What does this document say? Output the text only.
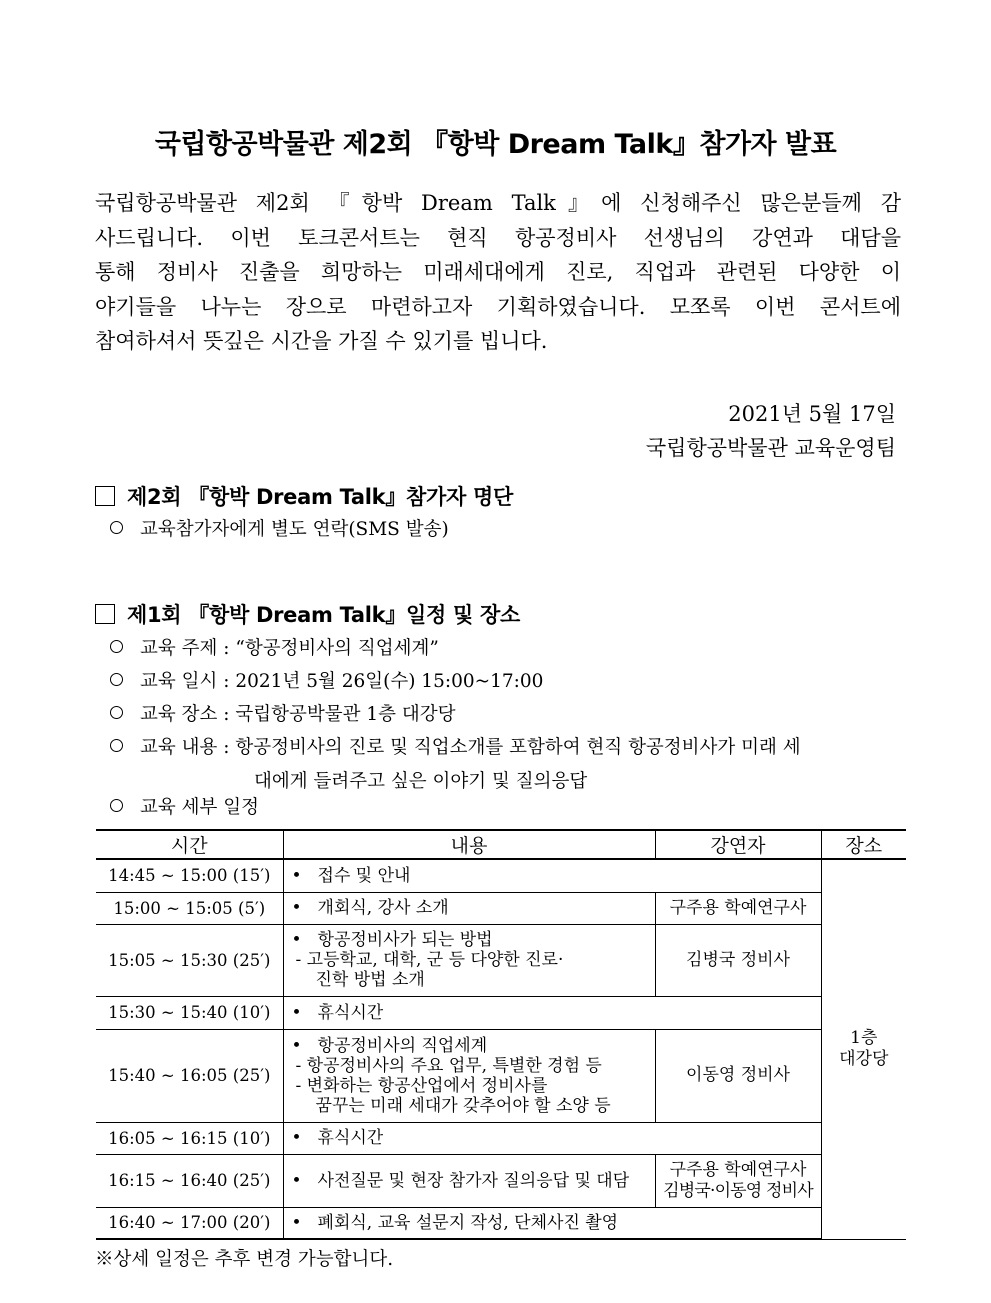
국립항공박물관 제2회 『항박 Dream Talk』참가자 발표
국립항공박물관 제2회 『항박 Dream Talk』에 신청해주신 많은분들께 감
사드립니다. 이번 토크콘서트는 현직 항공정비사 선생님의 강연과 대담을
통해 정비사 진출을 희망하는 미래세대에게 진로, 직업과 관련된 다양한 이
야기들을 나누는 장으로 마련하고자 기획하였습니다. 모쪼록 이번 콘서트에
참여하셔서 뜻깊은 시간을 가질 수 있기를 빕니다.
2021년 5월 17일
국립항공박물관 교육운영팀
제2회 『항박 Dream Talk』참가자 명단
교육참가자에게 별도 연락(SMS 발송)
제1회 『항박 Dream Talk』일정 및 장소
교육 주제 : “항공정비사의 직업세계”
교육 일시 : 2021년 5월 26일(수) 15:00~17:00
교육 장소 : 국립항공박물관 1층 대강당
교육 내용 : 항공정비사의 진로 및 직업소개를 포함하여 현직 항공정비사가 미래 세
대에게 들려주고 싶은 이야기 및 질의응답
교육 세부 일정
시간	내용	강연자	장소
14:45 ~ 15:00 (15′)	• 접수 및 안내		1층
대강당

15:00 ~ 15:05 (5′)	• 개회식, 강사 소개	구주용 학예연구사	
15:05 ~ 15:30 (25′)	• 항공정비사가 되는 방법
- 고등학교, 대학, 군 등 다양한 진로·
진학 방법 소개	김병국 정비사	
15:30 ~ 15:40 (10′)	• 휴식시간		
15:40 ~ 16:05 (25′)	• 항공정비사의 직업세계
- 항공정비사의 주요 업무, 특별한 경험 등
- 변화하는 항공산업에서 정비사를
꿈꾸는 미래 세대가 갖추어야 할 소양 등	이동영 정비사	
16:05 ~ 16:15 (10′)	• 휴식시간		
16:15 ~ 16:40 (25′)	• 사전질문 및 현장 참가자 질의응답 및 대담	구주용 학예연구사
김병국·이동영 정비사	

16:40 ~ 17:00 (20′)	• 폐회식, 교육 설문지 작성, 단체사진 촬영		
※상세 일정은 추후 변경 가능합니다.
